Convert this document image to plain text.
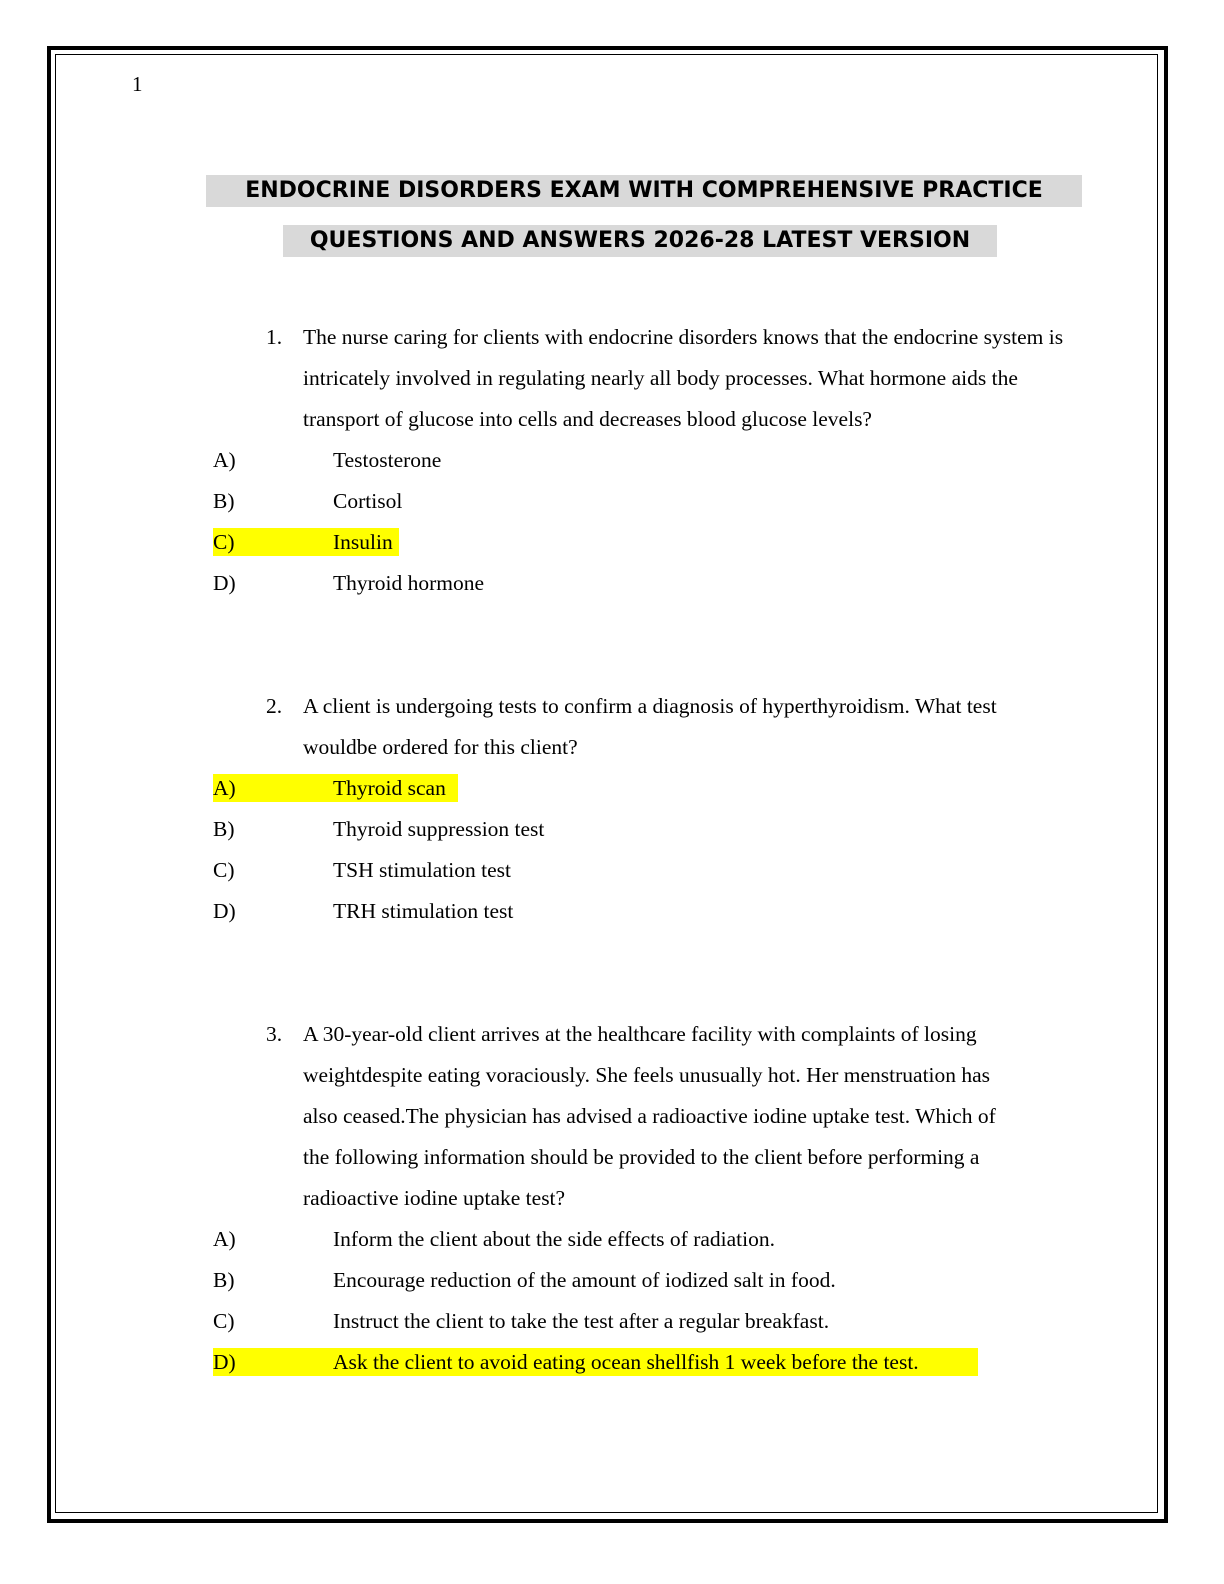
1
ENDOCRINE DISORDERS EXAM WITH COMPREHENSIVE PRACTICE
QUESTIONS AND ANSWERS 2026-28 LATEST VERSION
1. The nurse caring for clients with endocrine disorders knows that the endocrine system is
intricately involved in regulating nearly all body processes. What hormone aids the
transport of glucose into cells and decreases blood glucose levels?
A)	Testosterone
B)	Cortisol
C)	Insulin
D)	Thyroid hormone
2. A client is undergoing tests to confirm a diagnosis of hyperthyroidism. What test
wouldbe ordered for this client?
A)	Thyroid scan
B)	Thyroid suppression test
C)	TSH stimulation test
D)	TRH stimulation test
3. A 30-year-old client arrives at the healthcare facility with complaints of losing
weightdespite eating voraciously. She feels unusually hot. Her menstruation has
also ceased.The physician has advised a radioactive iodine uptake test. Which of
the following information should be provided to the client before performing a
radioactive iodine uptake test?
A)	Inform the client about the side effects of radiation.
B)	Encourage reduction of the amount of iodized salt in food.
C)	Instruct the client to take the test after a regular breakfast.
D)	Ask the client to avoid eating ocean shellfish 1 week before the test.
